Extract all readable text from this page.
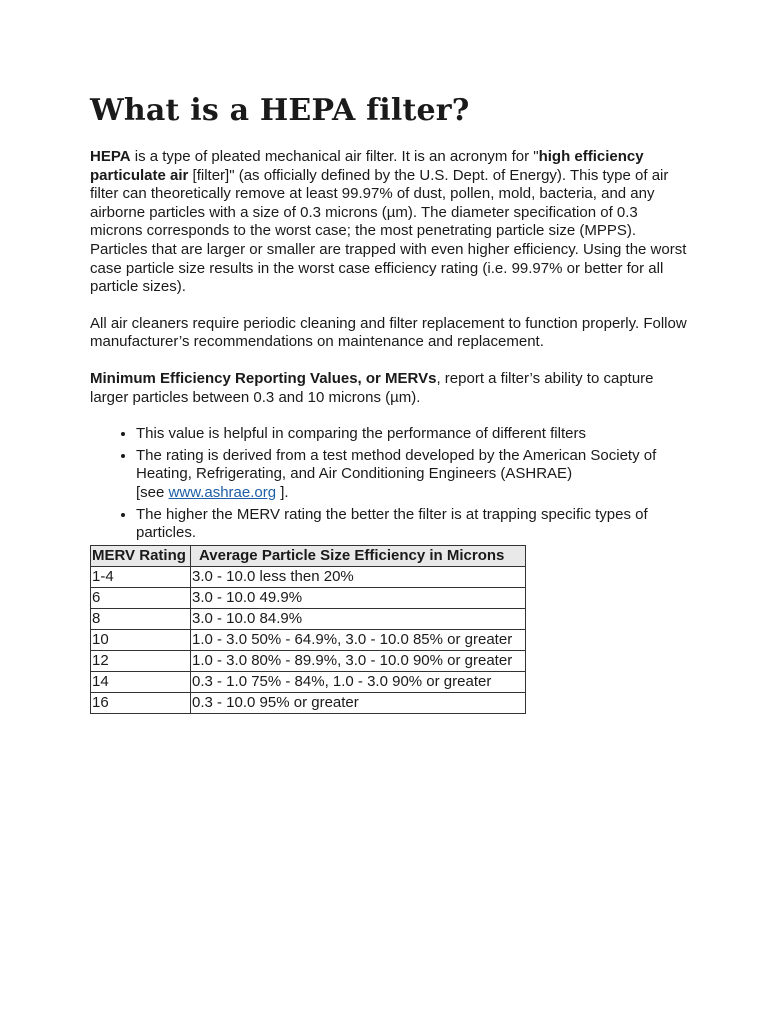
What is a HEPA filter?

HEPA is a type of pleated mechanical air filter. It is an acronym for "high efficiency particulate air [filter]" (as officially defined by the U.S. Dept. of Energy). This type of air filter can theoretically remove at least 99.97% of dust, pollen, mold, bacteria, and any airborne particles with a size of 0.3 microns (µm). The diameter specification of 0.3 microns corresponds to the worst case; the most penetrating particle size (MPPS). Particles that are larger or smaller are trapped with even higher efficiency. Using the worst case particle size results in the worst case efficiency rating (i.e. 99.97% or better for all particle sizes).

All air cleaners require periodic cleaning and filter replacement to function properly. Follow manufacturer’s recommendations on maintenance and replacement.

Minimum Efficiency Reporting Values, or MERVs, report a filter’s ability to capture larger particles between 0.3 and 10 microns (µm).

• This value is helpful in comparing the performance of different filters
• The rating is derived from a test method developed by the American Society of Heating, Refrigerating, and Air Conditioning Engineers (ASHRAE)
[see www.ashrae.org ].
• The higher the MERV rating the better the filter is at trapping specific types of particles.
MERV Rating	Average Particle Size Efficiency in Microns
1-4	3.0 - 10.0 less then 20%
6	3.0 - 10.0 49.9%
8	3.0 - 10.0 84.9%
10	1.0 - 3.0 50% - 64.9%, 3.0 - 10.0 85% or greater
12	1.0 - 3.0 80% - 89.9%, 3.0 - 10.0 90% or greater
14	0.3 - 1.0 75% - 84%, 1.0 - 3.0 90% or greater
16	0.3 - 10.0 95% or greater
